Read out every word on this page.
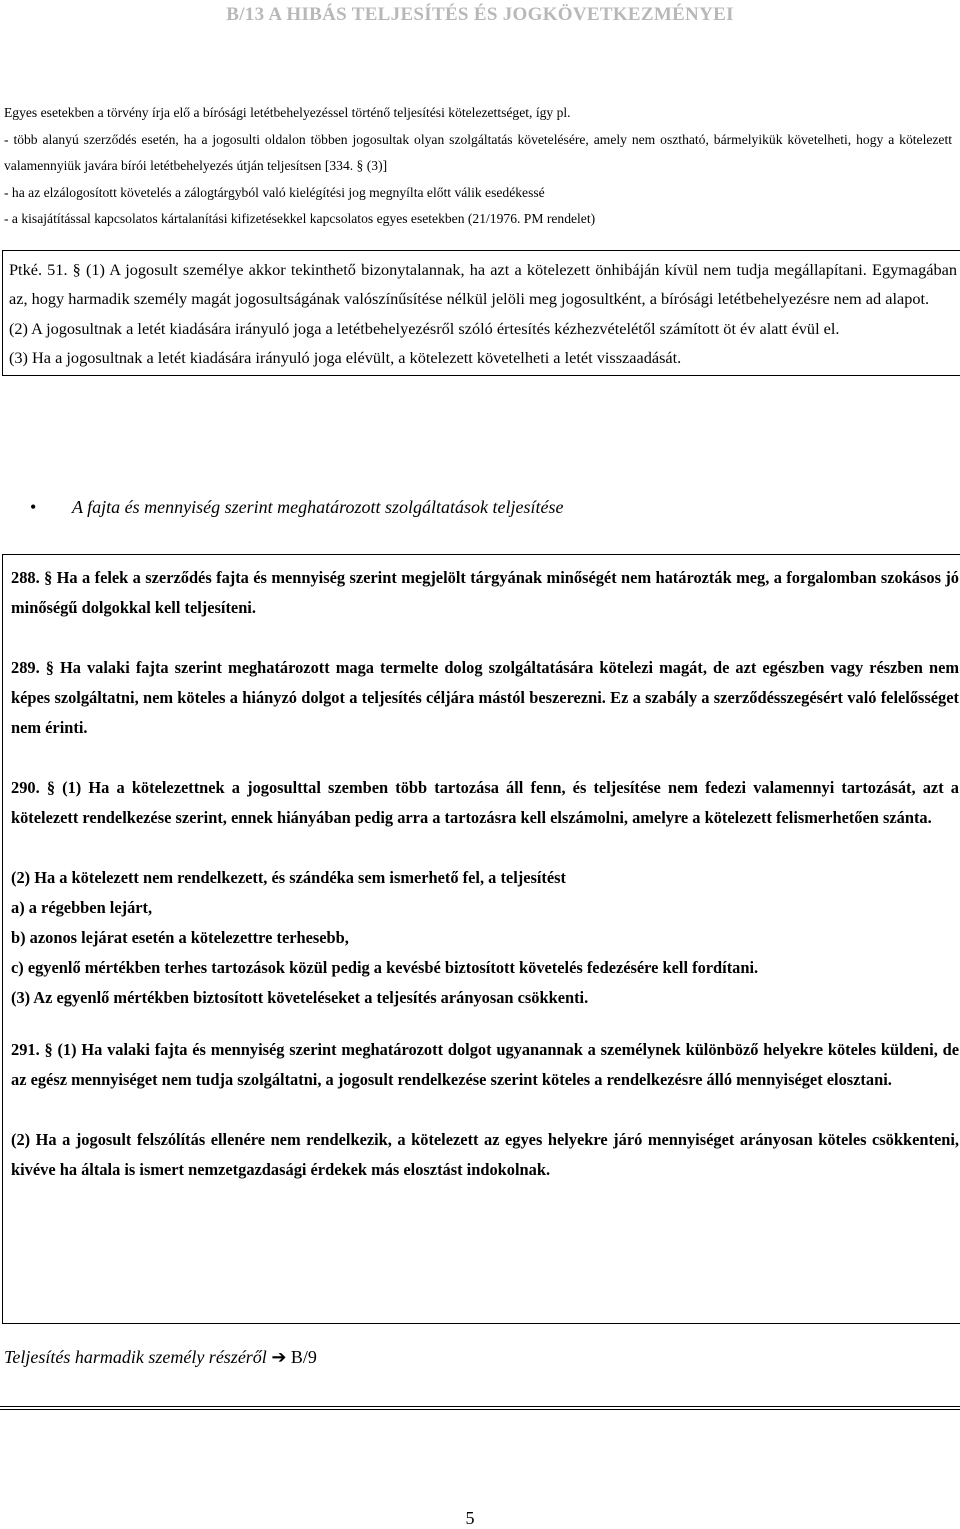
B/13 A HIBÁS TELJESÍTÉS ÉS JOGKÖVETKEZMÉNYEI

Egyes esetekben a törvény írja elő a bírósági letétbehelyezéssel történő teljesítési kötelezettséget, így pl.

- több alanyú szerződés esetén, ha a jogosulti oldalon többen jogosultak olyan szolgáltatás követelésére, amely nem osztható, bármelyikük követelheti, hogy a kötelezett valamennyiük javára bírói letétbehelyezés útján teljesítsen [334. § (3)]

- ha az elzálogosított követelés a zálogtárgyból való kielégítési jog megnyílta előtt válik esedékessé

- a kisajátítással kapcsolatos kártalanítási kifizetésekkel kapcsolatos egyes esetekben (21/1976. PM rendelet)

Ptké. 51. § (1) A jogosult személye akkor tekinthető bizonytalannak, ha azt a kötelezett önhibáján kívül nem tudja megállapítani. Egymagában az, hogy harmadik személy magát jogosultságának valószínűsítése nélkül jelöli meg jogosultként, a bírósági letétbehelyezésre nem ad alapot.

(2) A jogosultnak a letét kiadására irányuló joga a letétbehelyezésről szóló értesítés kézhezvételétől számított öt év alatt évül el.

(3) Ha a jogosultnak a letét kiadására irányuló joga elévült, a kötelezett követelheti a letét visszaadását.

• A fajta és mennyiség szerint meghatározott szolgáltatások teljesítése

288. § Ha a felek a szerződés fajta és mennyiség szerint megjelölt tárgyának minőségét nem határozták meg, a forgalomban szokásos jó minőségű dolgokkal kell teljesíteni.

289. § Ha valaki fajta szerint meghatározott maga termelte dolog szolgáltatására kötelezi magát, de azt egészben vagy részben nem képes szolgáltatni, nem köteles a hiányzó dolgot a teljesítés céljára mástól beszerezni. Ez a szabály a szerződésszegésért való felelősséget nem érinti.

290. § (1) Ha a kötelezettnek a jogosulttal szemben több tartozása áll fenn, és teljesítése nem fedezi valamennyi tartozását, azt a kötelezett rendelkezése szerint, ennek hiányában pedig arra a tartozásra kell elszámolni, amelyre a kötelezett felismerhetően szánta.

(2) Ha a kötelezett nem rendelkezett, és szándéka sem ismerhető fel, a teljesítést

a) a régebben lejárt,

b) azonos lejárat esetén a kötelezettre terhesebb,

c) egyenlő mértékben terhes tartozások közül pedig a kevésbé biztosított követelés fedezésére kell fordítani.

(3) Az egyenlő mértékben biztosított követeléseket a teljesítés arányosan csökkenti.

291. § (1) Ha valaki fajta és mennyiség szerint meghatározott dolgot ugyanannak a személynek különböző helyekre köteles küldeni, de az egész mennyiséget nem tudja szolgáltatni, a jogosult rendelkezése szerint köteles a rendelkezésre álló mennyiséget elosztani.

(2) Ha a jogosult felszólítás ellenére nem rendelkezik, a kötelezett az egyes helyekre járó mennyiséget arányosan köteles csökkenteni, kivéve ha általa is ismert nemzetgazdasági érdekek más elosztást indokolnak.

Teljesítés harmadik személy részéről ➔ B/9
5
